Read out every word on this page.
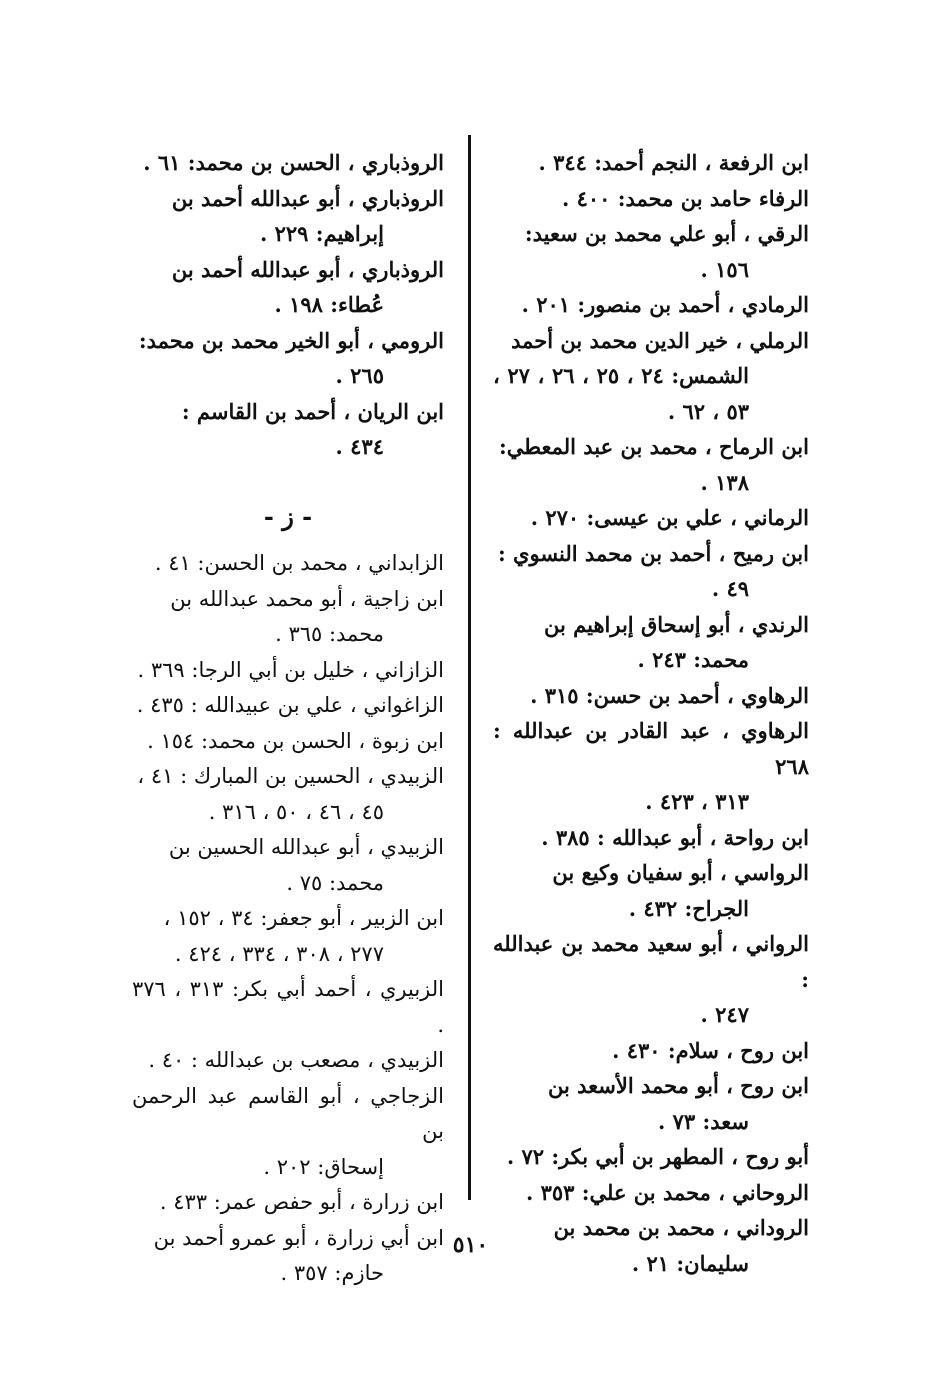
ابن الرفعة ، النجم أحمد: ٣٤٤ .

الرفاء حامد بن محمد: ٤٠٠ .

الرقي ، أبو علي محمد بن سعيد:
١٥٦ .

الرمادي ، أحمد بن منصور: ٢٠١ .

الرملي ، خير الدين محمد بن أحمد
الشمس: ٢٤ ، ٢٥ ، ٢٦ ، ٢٧ ، ٥٣ ، ٦٢ .

ابن الرماح ، محمد بن عبد المعطي:
١٣٨ .

الرماني ، علي بن عيسى: ٢٧٠ .

ابن رميح ، أحمد بن محمد النسوي :
٤٩ .

الرندي ، أبو إسحاق إبراهيم بن
محمد: ٢٤٣ .

الرهاوي ، أحمد بن حسن: ٣١٥ .

الرهاوي ، عبد القادر بن عبدالله : ٢٦٨
٣١٣ ، ٤٢٣ .

ابن رواحة ، أبو عبدالله : ٣٨٥ .

الرواسي ، أبو سفيان وكيع بن
الجراح: ٤٣٢ .

الرواني ، أبو سعيد محمد بن عبدالله :
٢٤٧ .

ابن روح ، سلام: ٤٣٠ .

ابن روح ، أبو محمد الأسعد بن
سعد: ٧٣ .

أبو روح ، المطهر بن أبي بكر: ٧٢ .

الروحاني ، محمد بن علي: ٣٥٣ .

الروداني ، محمد بن محمد بن
سليمان: ٢١ .

الروذباري ، الحسن بن محمد: ٦١ .

الروذباري ، أبو عبدالله أحمد بن
إبراهيم: ٢٢٩ .

الروذباري ، أبو عبدالله أحمد بن
عُطاء: ١٩٨ .

الرومي ، أبو الخير محمد بن محمد:
٢٦٥ .

ابن الريان ، أحمد بن القاسم :
٤٣٤ .

- ز -

الزابداني ، محمد بن الحسن: ٤١ .

ابن زاجية ، أبو محمد عبدالله بن
محمد: ٣٦٥ .

الزازاني ، خليل بن أبي الرجا: ٣٦٩ .

الزاغواني ، علي بن عبيدالله : ٤٣٥ .

ابن زبوة ، الحسن بن محمد: ١٥٤ .

الزبيدي ، الحسين بن المبارك : ٤١ ،
٤٥ ، ٤٦ ، ٥٠ ، ٣١٦ .

الزبيدي ، أبو عبدالله الحسين بن
محمد: ٧٥ .

ابن الزبير ، أبو جعفر: ٣٤ ، ١٥٢ ،
٢٧٧ ، ٣٠٨ ، ٣٣٤ ، ٤٢٤ .

الزبيري ، أحمد أبي بكر: ٣١٣ ، ٣٧٦ .

الزبيدي ، مصعب بن عبدالله : ٤٠ .

الزجاجي ، أبو القاسم عبد الرحمن بن
إسحاق: ٢٠٢ .

ابن زرارة ، أبو حفص عمر: ٤٣٣ .

ابن أبي زرارة ، أبو عمرو أحمد بن
حازم: ٣٥٧ .

٥١٠
